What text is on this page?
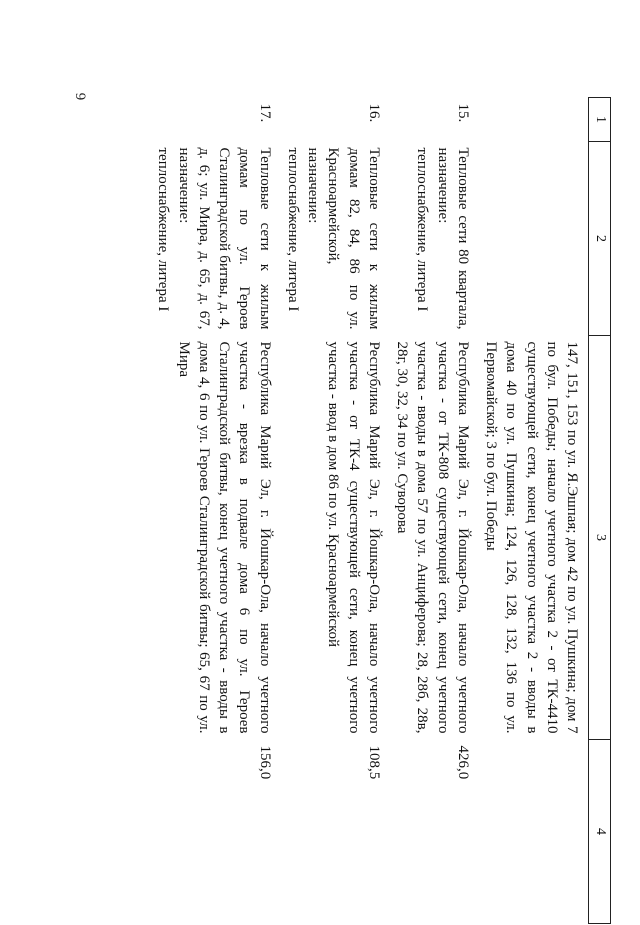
6
1	2	3	4

		147, 151, 153 по ул. Я.Эшпая; дом 42 по ул. Пушкина; дом 7 по бул. Победы; начало учетного участка 2 - от ТК-4410 существующей сети, конец учетного участка 2 - вводы в дома 40 по ул. Пушкина; 124, 126, 128, 132, 136 по ул. Первомайской; 3 по бул. Победы	

15.	Тепловые сети 80 квартала, назначение: теплоснабжение, литера I	Республика Марий Эл, г. Йошкар-Ола, начало учетного участка - от ТК-808 существующей сети, конец учетного участка - вводы в дома 57 по ул. Анциферова; 28, 28б, 28в, 28г, 30, 32, 34 по ул. Суворова	426,0

16.	Тепловые сети к жилым домам 82, 84, 86 по ул. Красноармейской, назначение: теплоснабжение, литера I	Республика Марий Эл, г. Йошкар-Ола, начало учетного участка - от ТК-4 существующей сети, конец учетного участка - ввод в дом 86 по ул. Красноармейской	108,5

17.	Тепловые сети к жилым домам по ул. Героев Сталинградской битвы, д. 4, д. 6; ул. Мира, д. 65, д. 67, назначение: теплоснабжение, литера I	Республика Марий Эл, г. Йошкар-Ола, начало учетного участка - врезка в подвале дома 6 по ул. Героев Сталинградской битвы, конец учетного участка - вводы в дома 4, 6 по ул. Героев Сталинградской битвы; 65, 67 по ул. Мира	156,0
